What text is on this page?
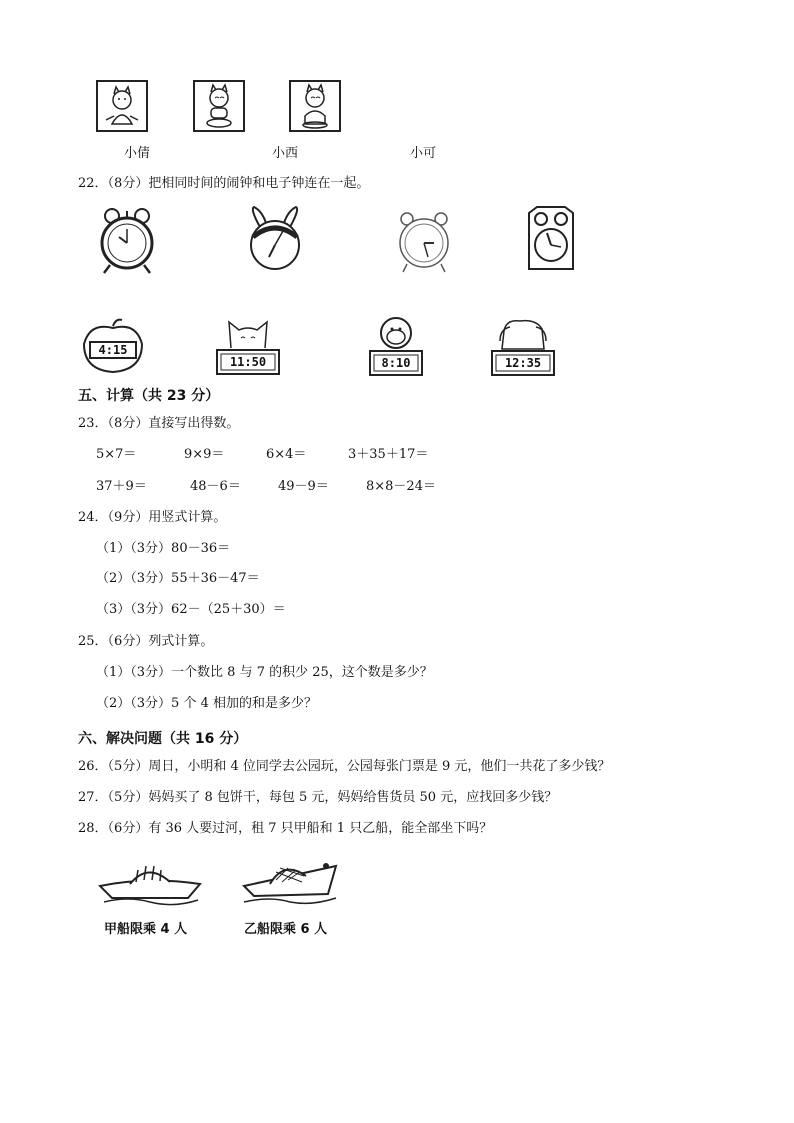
小倩	小西	小可
22．（8分）把相同时间的闹钟和电子钟连在一起。
4:15
11:50	8:10	12:35
五、计算（共 23 分）
23．（8分）直接写出得数。
5×7＝	9×9＝	6×4＝	3＋35＋17＝
37＋9＝	48－6＝	49－9＝	8×8－24＝
24．（9分）用竖式计算。
（1）（3分）80－36＝
（2）（3分）55＋36－47＝
（3）（3分）62－（25＋30）＝
25．（6分）列式计算。
（1）（3分）一个数比 8 与 7 的积少 25，这个数是多少？
（2）（3分）5 个 4 相加的和是多少？
六、解决问题（共 16 分）
26．（5分）周日，小明和 4 位同学去公园玩，公园每张门票是 9 元，他们一共花了多少钱？
27．（5分）妈妈买了 8 包饼干，每包 5 元，妈妈给售货员 50 元，应找回多少钱？
28．（6分）有 36 人要过河，租 7 只甲船和 1 只乙船，能全部坐下吗？
甲船限乘 4 人	乙船限乘 6 人
